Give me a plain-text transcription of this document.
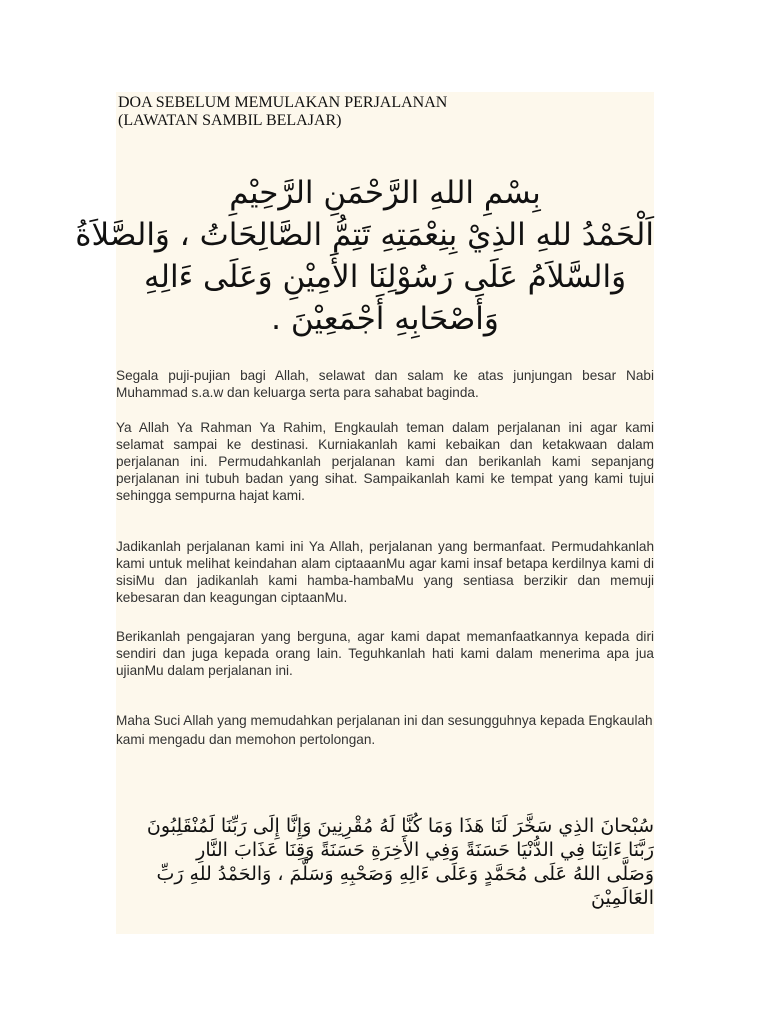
DOA SEBELUM MEMULAKAN PERJALANAN
(LAWATAN SAMBIL BELAJAR)
بِسْمِ اللهِ الرَّحْمَنِ الرَّحِيْمِ
اَلْحَمْدُ للهِ الذِيْ بِنِعْمَتِهِ تَتِمُّ الصَّالِحَاتُ ، وَالصَّلاَةُ
وَالسَّلاَمُ عَلَى رَسُوْلِنَا الأَمِيْنِ وَعَلَى ءَالِهِ
وَأَصْحَابِهِ أَجْمَعِيْنَ .

Segala puji-pujian bagi Allah, selawat dan salam ke atas junjungan besar Nabi Muhammad s.a.w dan keluarga serta para sahabat baginda.

Ya Allah Ya Rahman Ya Rahim, Engkaulah teman dalam perjalanan ini agar kami selamat sampai ke destinasi. Kurniakanlah kami kebaikan dan ketakwaan dalam perjalanan ini. Permudahkanlah perjalanan kami dan berikanlah kami sepanjang perjalanan ini tubuh badan yang sihat. Sampaikanlah kami ke tempat yang kami tujui sehingga sempurna hajat kami.

Jadikanlah perjalanan kami ini Ya Allah, perjalanan yang bermanfaat. Permudahkanlah kami untuk melihat keindahan alam ciptaaanMu agar kami insaf betapa kerdilnya kami di sisiMu dan jadikanlah kami hamba-hambaMu yang sentiasa berzikir dan memuji kebesaran dan keagungan ciptaanMu.

Berikanlah pengajaran yang berguna, agar kami dapat memanfaatkannya kepada diri sendiri dan juga kepada orang lain. Teguhkanlah hati kami dalam menerima apa jua ujianMu dalam perjalanan ini.

Maha Suci Allah yang memudahkan perjalanan ini dan sesungguhnya kepada Engkaulah kami mengadu dan memohon pertolongan.

سُبْحانَ الذِي سَخَّرَ لَنَا هَذَا وَمَا كُنَّا لَهُ مُقْرِنِينَ وَإِنَّا إِلَى رَبِّنَا لَمُنْقَلِبُونَ
رَبَّنَا ءَاتِنَا فِي الدُّنْيَا حَسَنَةً وَفِي الأَخِرَةِ حَسَنَةً وَقِنَا عَذَابَ النَّارِ
وَصَلَّى اللهُ عَلَى مُحَمَّدٍ وَعَلَى ءَالِهِ وَصَحْبِهِ وَسَلَّمَ ، وَالحَمْدُ للهِ رَبِّ
العَالَمِيْنَ
